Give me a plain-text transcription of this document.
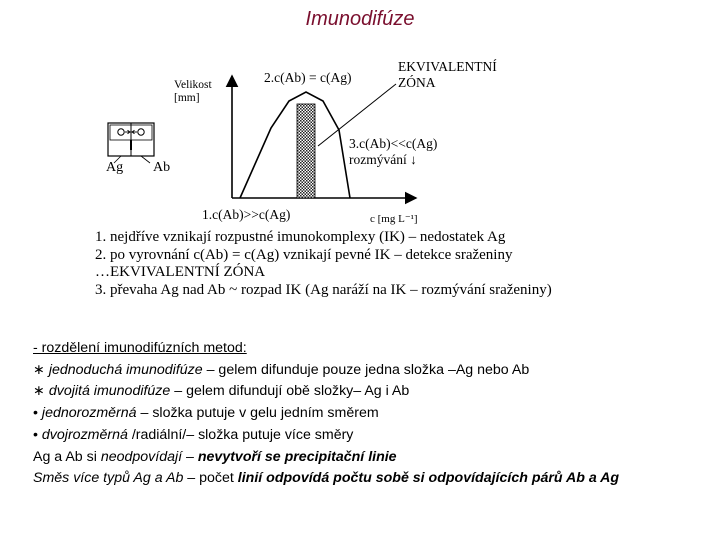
Imunodifúze
Velikost
[mm]
2.c(Ab) = c(Ag)
EKVIVALENTNÍ
ZÓNA
3.c(Ab)<<c(Ag)
rozmývání ↓
1.c(Ab)>>c(Ag)	c [mg L⁻¹]
Ag Ab
1. nejdříve vznikají rozpustné imunokomplexy (IK) – nedostatek Ag
2. po vyrovnání c(Ab) = c(Ag) vznikají pevné IK – detekce sraženiny
…EKVIVALENTNÍ ZÓNA
3. převaha Ag nad Ab ~ rozpad IK (Ag naráží na IK – rozmývání sraženiny)
- rozdělení imunodifúzních metod:
∗ jednoduchá imunodifúze – gelem difunduje pouze jedna složka –Ag nebo Ab
∗ dvojitá imunodifúze – gelem difundují obě složky– Ag i Ab
• jednorozměrná – složka putuje v gelu jedním směrem
• dvojrozměrná /radiální/– složka putuje více směry
Ag a Ab si neodpovídají – nevytvoří se precipitační linie
Směs více typů Ag a Ab – počet linií odpovídá počtu sobě si odpovídajících párů Ab a Ag
